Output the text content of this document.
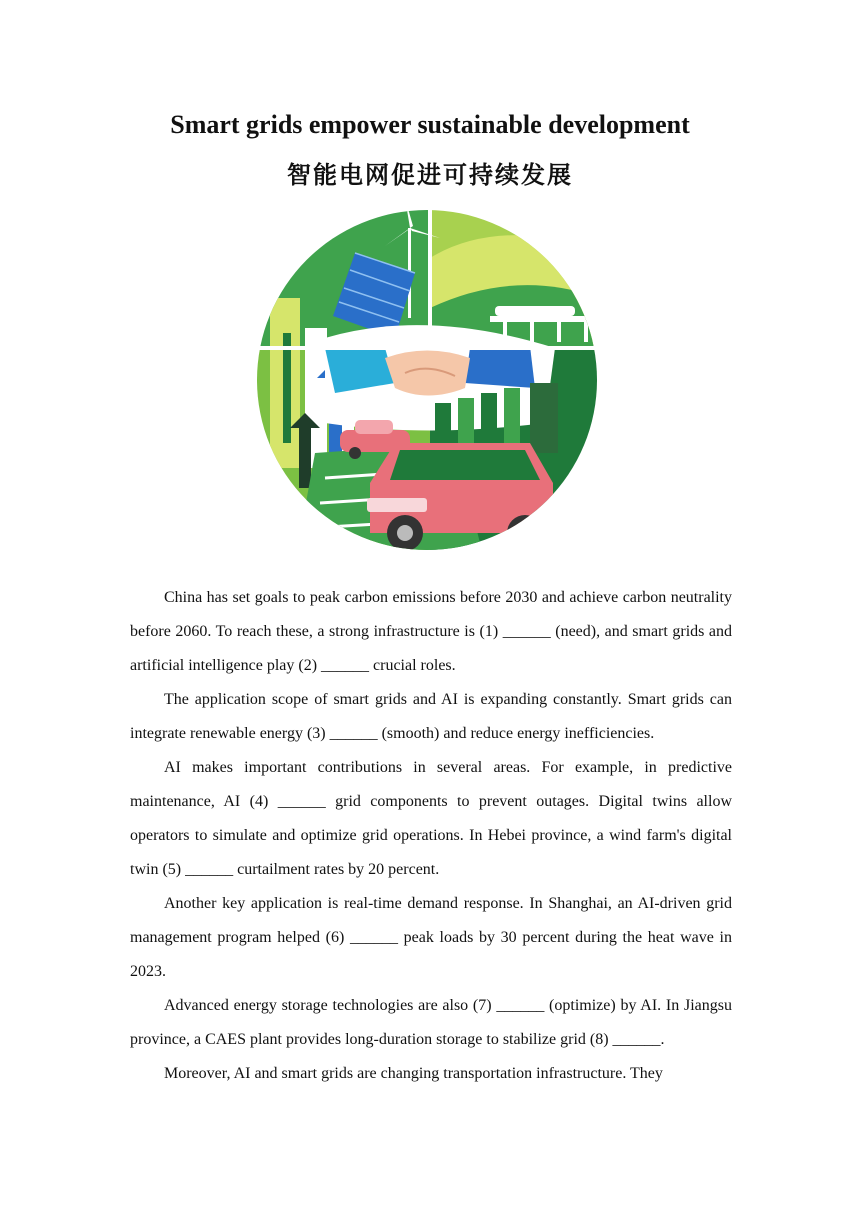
Smart grids empower sustainable development
智能电网促进可持续发展

China has set goals to peak carbon emissions before 2030 and achieve carbon neutrality before 2060. To reach these, a strong infrastructure is (1) ______ (need), and smart grids and artificial intelligence play (2) ______ crucial roles.

The application scope of smart grids and AI is expanding constantly. Smart grids can integrate renewable energy (3) ______ (smooth) and reduce energy inefficiencies.

AI makes important contributions in several areas. For example, in predictive maintenance, AI (4) ______ grid components to prevent outages. Digital twins allow operators to simulate and optimize grid operations. In Hebei province, a wind farm's digital twin (5) ______ curtailment rates by 20 percent.

Another key application is real-time demand response. In Shanghai, an AI-driven grid management program helped (6) ______ peak loads by 30 percent during the heat wave in 2023.

Advanced energy storage technologies are also (7) ______ (optimize) by AI. In Jiangsu province, a CAES plant provides long-duration storage to stabilize grid (8) ______.

Moreover, AI and smart grids are changing transportation infrastructure. They
